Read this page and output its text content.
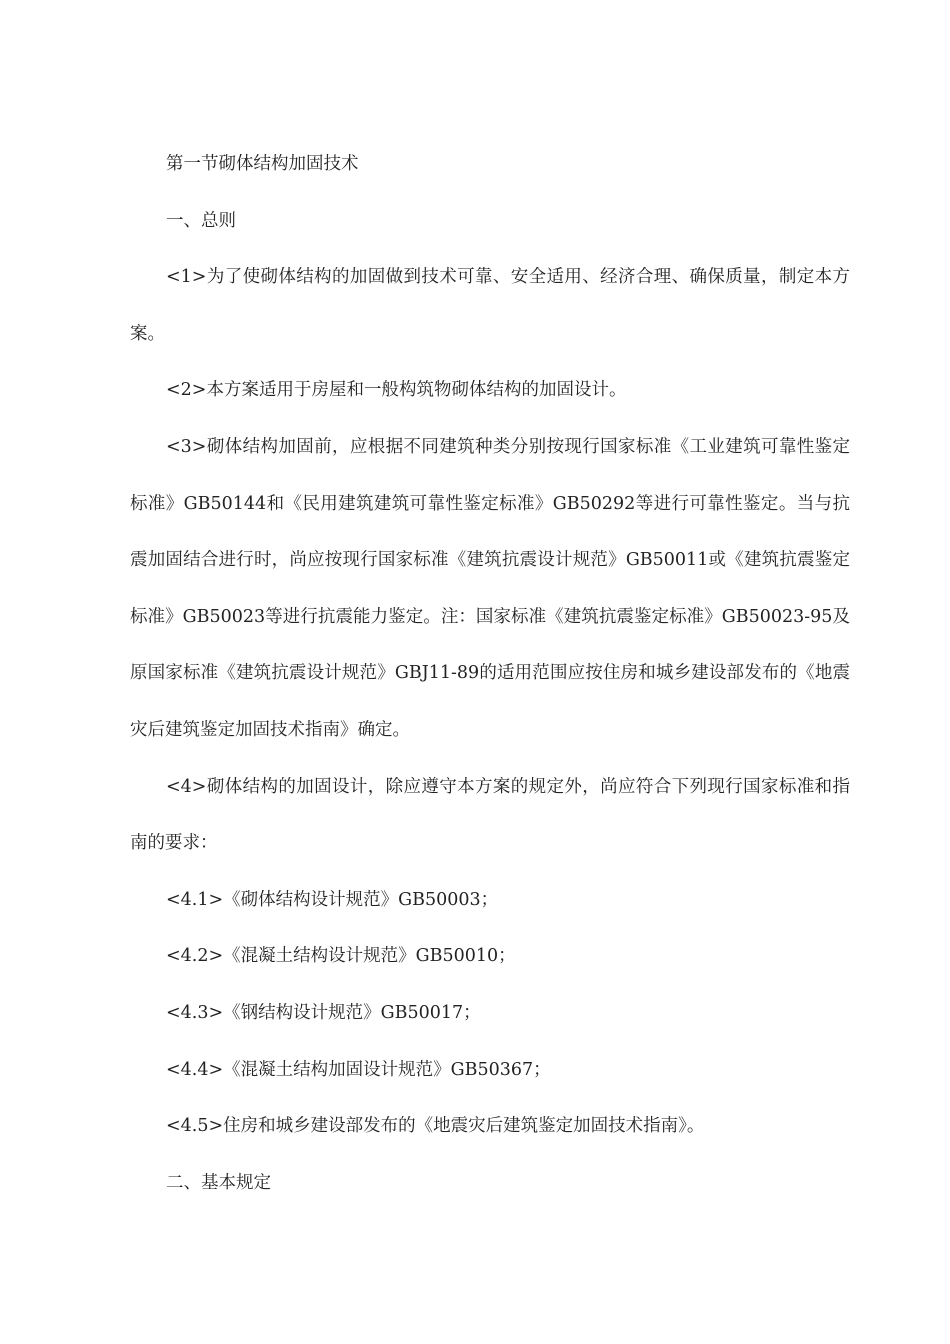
第一节砌体结构加固技术

一、总则

<1>为了使砌体结构的加固做到技术可靠、安全适用、经济合理、确保质量，制定本方案。

<2>本方案适用于房屋和一般构筑物砌体结构的加固设计。

<3>砌体结构加固前，应根据不同建筑种类分别按现行国家标准《工业建筑可靠性鉴定标准》GB50144和《民用建筑建筑可靠性鉴定标准》GB50292等进行可靠性鉴定。当与抗震加固结合进行时，尚应按现行国家标准《建筑抗震设计规范》GB50011或《建筑抗震鉴定标准》GB50023等进行抗震能力鉴定。注：国家标准《建筑抗震鉴定标准》GB50023-95及原国家标准《建筑抗震设计规范》GBJ11-89的适用范围应按住房和城乡建设部发布的《地震灾后建筑鉴定加固技术指南》确定。

<4>砌体结构的加固设计，除应遵守本方案的规定外，尚应符合下列现行国家标准和指南的要求：

<4.1>《砌体结构设计规范》GB50003；

<4.2>《混凝土结构设计规范》GB50010；

<4.3>《钢结构设计规范》GB50017；

<4.4>《混凝土结构加固设计规范》GB50367；

<4.5>住房和城乡建设部发布的《地震灾后建筑鉴定加固技术指南》。

二、基本规定
